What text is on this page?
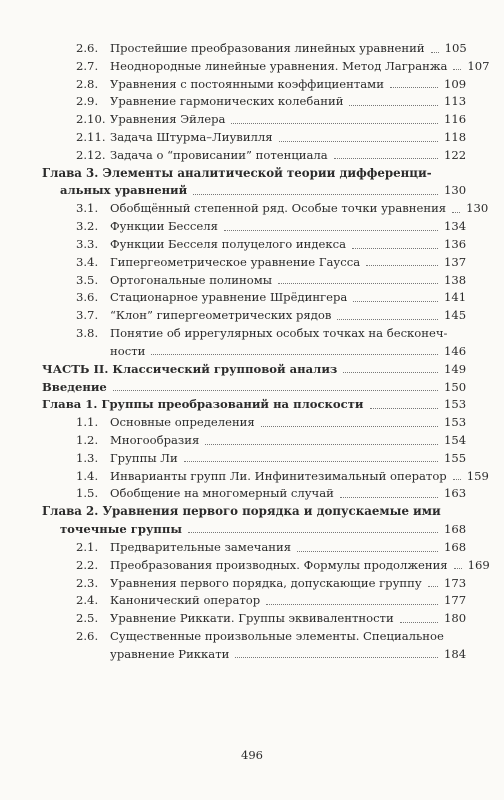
2.6. Простейшие преобразования линейных уравнений 105
2.7. Неоднородные линейные уравнения. Метод Лагранжа 107
2.8. Уравнения с постоянными коэффициентами	109
2.9. Уравнение гармонических колебаний	113
2.10. Уравнения Эйлера	116
2.11. Задача Штурма–Лиувилля	118
2.12. Задача о “провисании” потенциала	122
Глава 3. Элементы аналитической теории дифференци-
альных уравнений	130
3.1. Обобщённый степенной ряд. Особые точки уравнения 130
3.2. Функции Бесселя	134
3.3. Функции Бесселя полуцелого индекса	136
3.4. Гипергеометрическое уравнение Гаусса	137
3.5. Ортогональные полиномы	138
3.6. Стационарное уравнение Шрёдингера	141
3.7. “Клон” гипергеометрических рядов	145
3.8. Понятие об иррегулярных особых точках на бесконеч-
ности	146
ЧАСТЬ II. Классический групповой анализ	149
Введение	150
Глава 1. Группы преобразований на плоскости	153
1.1. Основные определения	153
1.2. Многообразия	154
1.3. Группы Ли	155
1.4. Инварианты групп Ли. Инфинитезимальный оператор 159
1.5. Обобщение на многомерный случай	163
Глава 2. Уравнения первого порядка и допускаемые ими
точечные группы	168
2.1. Предварительные замечания	168
2.2. Преобразования производных. Формулы продолжения 169
2.3. Уравнения первого порядка, допускающие группу 173
2.4. Канонический оператор	177
2.5. Уравнение Риккати. Группы эквивалентности	180
2.6. Существенные произвольные элементы. Специальное
уравнение Риккати	184
496
